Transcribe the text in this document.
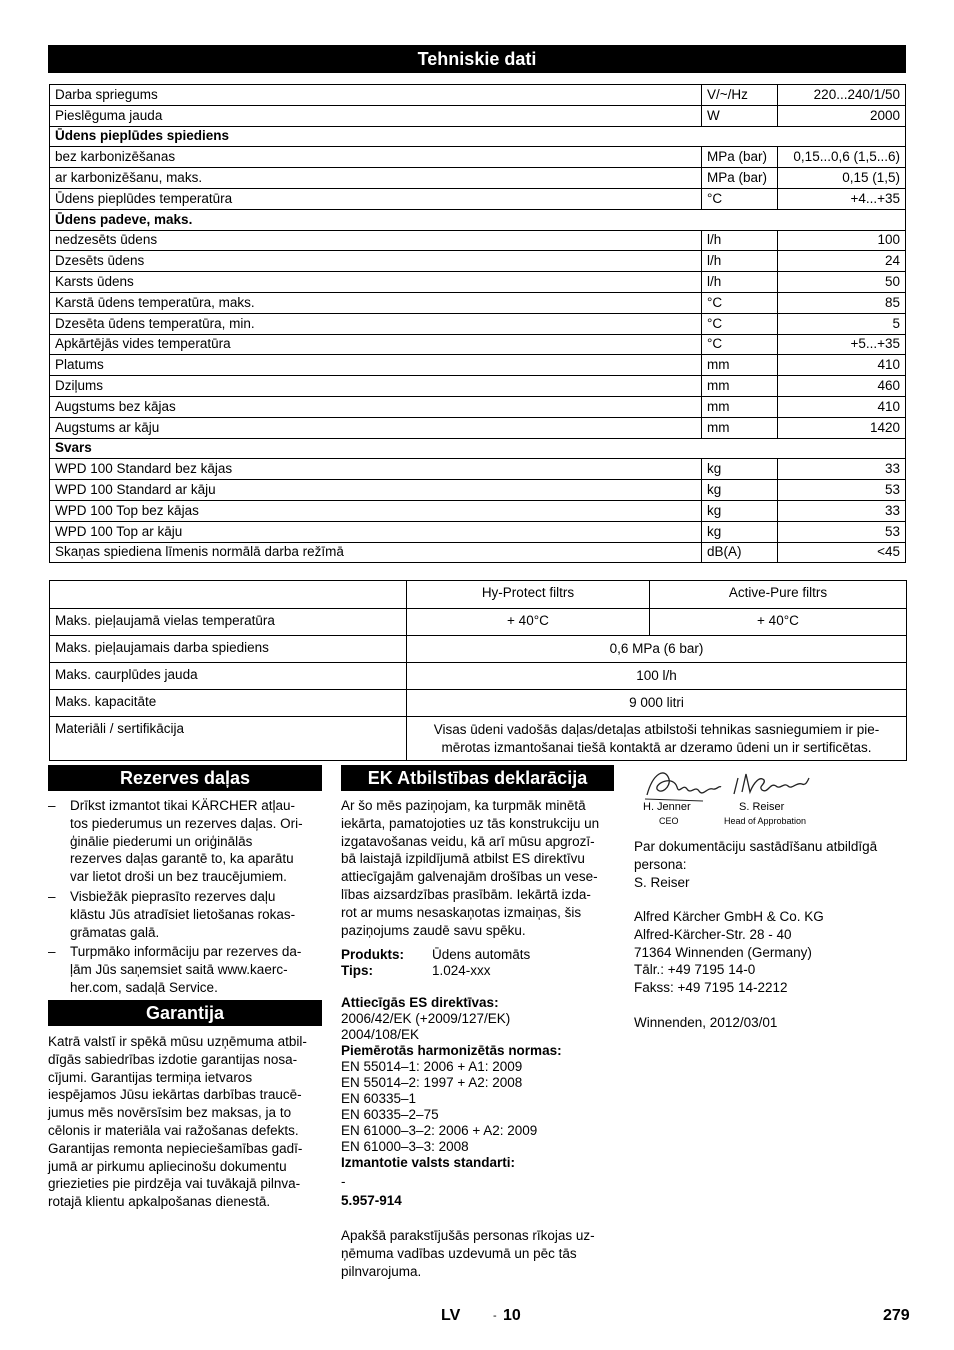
Tehniskie dati
Darba spriegums	V/~/Hz	220...240/1/50
Pieslēguma jauda	W	2000
Ūdens pieplūdes spiediens		
bez karbonizēšanas	MPa (bar)	0,15...0,6 (1,5...6)
ar karbonizēšanu, maks.	MPa (bar)	0,15 (1,5)
Ūdens pieplūdes temperatūra	°C	+4...+35
Ūdens padeve, maks.		
nedzesēts ūdens	l/h	100
Dzesēts ūdens	l/h	24
Karsts ūdens	l/h	50
Karstā ūdens temperatūra, maks.	°C	85
Dzesēta ūdens temperatūra, min.	°C	5
Apkārtējās vides temperatūra	°C	+5...+35
Platums	mm	410
Dziļums	mm	460
Augstums bez kājas	mm	410
Augstums ar kāju	mm	1420
Svars		
WPD 100 Standard bez kājas	kg	33
WPD 100 Standard ar kāju	kg	53
WPD 100 Top bez kājas	kg	33
WPD 100 Top ar kāju	kg	53
Skaņas spiediena līmenis normālā darba režīmā	dB(A)	<45
	Hy-Protect filtrs	Active-Pure filtrs
Maks. pieļaujamā vielas temperatūra	+ 40°C	+ 40°C
Maks. pieļaujamais darba spiediens	0,6 MPa (6 bar)	
Maks. caurplūdes jauda	100 l/h	
Maks. kapacitāte	9 000 litri	
Materiāli / sertifikācija	Visas ūdeni vadošās daļas/detaļas atbilstoši tehnikas sasniegumiem ir pie-
mērotas izmantošanai tiešā kontaktā ar dzeramo ūdeni un ir sertificētas.	
Rezerves daļas
– Drīkst izmantot tikai KÄRCHER atļau-
tos piederumus un rezerves daļas. Ori-
ģinālie piederumi un oriģinālās
rezerves daļas garantē to, ka aparātu
var lietot droši un bez traucējumiem.
– Visbiežāk pieprasīto rezerves daļu
klāstu Jūs atradīsiet lietošanas rokas-
grāmatas galā.
– Turpmāko informāciju par rezerves da-
ļām Jūs saņemsiet saitā www.kaerc-
her.com, sadaļā Service.
Garantija
Katrā valstī ir spēkā mūsu uzņēmuma atbil-
dīgās sabiedrības izdotie garantijas nosa-
cījumi. Garantijas termiņa ietvaros
iespējamos Jūsu iekārtas darbības traucē-
jumus mēs novērsīsim bez maksas, ja to
cēlonis ir materiāla vai ražošanas defekts.
Garantijas remonta nepieciešamības gadī-
jumā ar pirkumu apliecinošu dokumentu
griezieties pie pirdzēja vai tuvākajā pilnva-
rotajā klientu apkalpošanas dienestā.
EK Atbilstības deklarācija
Ar šo mēs paziņojam, ka turpmāk minētā
iekārta, pamatojoties uz tās konstrukciju un
izgatavošanas veidu, kā arī mūsu apgrozī-
bā laistajā izpildījumā atbilst ES direktīvu
attiecīgajām galvenajām drošības un vese-
lības aizsardzības prasībām. Iekārtā izda-
rot ar mums nesaskaņotas izmaiņas, šis
paziņojums zaudē savu spēku.
Produkts:	Ūdens automāts
Tips:	1.024-xxx
Attiecīgās ES direktīvas:
2006/42/EK (+2009/127/EK)
2004/108/EK
Piemērotās harmonizētās normas:
EN 55014–1: 2006 + A1: 2009
EN 55014–2: 1997 + A2: 2008
EN 60335–1
EN 60335–2–75
EN 61000–3–2: 2006 + A2: 2009
EN 61000–3–3: 2008
Izmantotie valsts standarti:
-
5.957-914
Apakšā parakstījušās personas rīkojas uz-
ņēmuma vadības uzdevumā un pēc tās
pilnvarojuma.
H. Jenner	S. Reiser
CEO	Head of Approbation
Par dokumentāciju sastādīšanu atbildīgā
persona:
S. Reiser
Alfred Kärcher GmbH & Co. KG
Alfred-Kärcher-Str. 28 - 40
71364 Winnenden (Germany)
Tālr.: +49 7195 14-0
Fakss: +49 7195 14-2212
Winnenden, 2012/03/01
LV	- 10	279
